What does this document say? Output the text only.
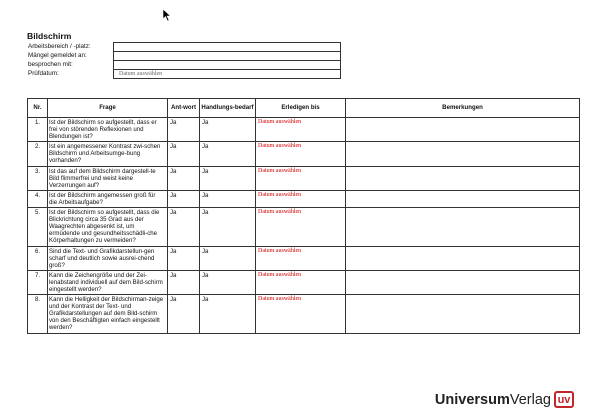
Bildschirm
Arbeitsbereich / -platz:	
Mängel gemeldet an:	
besprochen mit:	
Prüfdatum:	Datum auswählen
Nr.	Frage	Ant-wort	Handlungs-bedarf	Erledigen bis	Bemerkungen
1.	Ist der Bildschirm so aufgestellt, dass er frei von störenden Reflexionen und Blendungen ist?	Ja	Ja	Datum auswählen	
2.	Ist ein angemessener Kontrast zwi-schen Bildschirm und Arbeitsumge-bung vorhanden?	Ja	Ja	Datum auswählen	
3.	Ist das auf dem Bildschirm dargestell-te Bild flimmerfrei und weist keine Verzerrungen auf?	Ja	Ja	Datum auswählen	
4.	Ist der Bildschirm angemessen groß für die Arbeitsaufgabe?	Ja	Ja	Datum auswählen	
5.	Ist der Bildschirm so aufgestellt, dass die Blickrichtung circa 35 Grad aus der Waagrechten abgesenkt ist, um ermüdende und gesundheitsschädli-che Körperhaltungen zu vermeiden?	Ja	Ja	Datum auswählen	
6.	Sind die Text- und Grafikdarstellun-gen scharf und deutlich sowie ausrei-chend groß?	Ja	Ja	Datum auswählen	
7.	Kann die Zeichengröße und der Zei-lenabstand individuell auf dem Bild-schirm eingestellt werden?	Ja	Ja	Datum auswählen	
8.	Kann die Helligkeit der Bildschirman-zeige und der Kontrast der Text- und Grafikdarstellungen auf dem Bild-schirm von den Beschäftigten einfach eingestellt werden?	Ja	Ja	Datum auswählen	
UniversumVerlag uv
